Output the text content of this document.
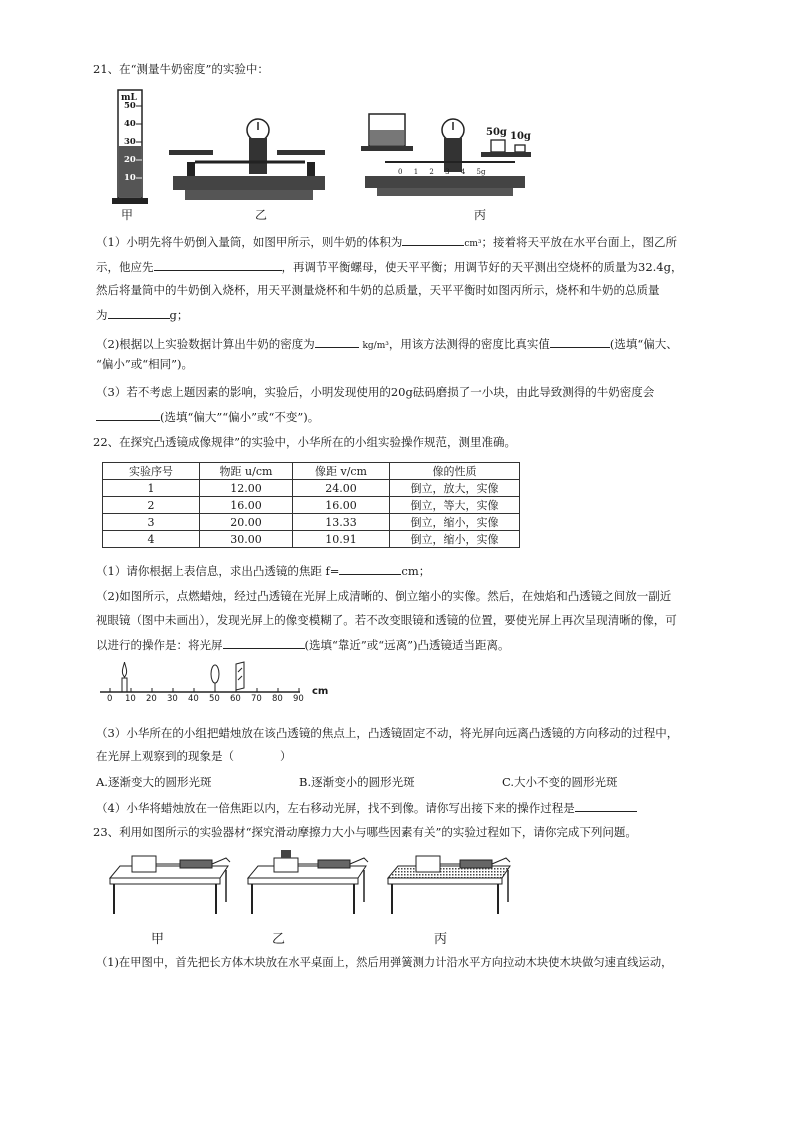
21、在“测量牛奶密度”的实验中：
mL
50
40
30
20
10
50g 10g
0 1 2 3 4 5g
甲	乙	丙
（1）小明先将牛奶倒入量筒，如图甲所示，则牛奶的体积为	cm³；接着将天平放在水平台面上，图乙所
示，他应先	，再调节平衡螺母，使天平平衡；用调节好的天平测出空烧杯的质量为32.4g，
然后将量筒中的牛奶倒入烧杯，用天平测量烧杯和牛奶的总质量，天平平衡时如图丙所示，烧杯和牛奶的总质量
为	g；
（2)根据以上实验数据计算出牛奶的密度为	kg/m³，用该方法测得的密度比真实值	(选填“偏大、
“偏小”或“相同”)。
（3）若不考虑上题因素的影响，实验后，小明发现使用的20g砝码磨损了一小块，由此导致测得的牛奶密度会
(选填“偏大”“偏小”或“不变”)。
22、在探究凸透镜成像规律”的实验中，小华所在的小组实验操作规范，测里准确。
实验序号	物距 u/cm	像距 v/cm	像的性质
1	12.00	24.00	倒立，放大，实像
2	16.00	16.00	倒立，等大，实像
3	20.00	13.33	倒立，缩小，实像
4	30.00	10.91	倒立，缩小，实像
（1）请你根据上表信息，求出凸透镜的焦距 f=	cm；
（2)如图所示，点燃蜡烛，经过凸透镜在光屏上成清晰的、倒立缩小的实像。然后，在烛焰和凸透镜之间放一副近
视眼镜（图中未画出），发现光屏上的像变模糊了。若不改变眼镜和透镜的位置，要使光屏上再次呈现清晰的像，可
以进行的操作是：将光屏	(选填“靠近”或“远离”)凸透镜适当距离。
0 10 20 30 40 50 60 70 80 90
cm
（3）小华所在的小组把蜡烛放在该凸透镜的焦点上，凸透镜固定不动，将光屏向远离凸透镜的方向移动的过程中，
在光屏上观察到的现象是（　　　　）
A.逐渐变大的圆形光斑	B.逐渐变小的圆形光斑	C.大小不变的圆形光斑
（4）小华将蜡烛放在一倍焦距以内，左右移动光屏，找不到像。请你写出接下来的操作过程是
23、利用如图所示的实验器材“探究滑动摩擦力大小与哪些因素有关”的实验过程如下，请你完成下列问题。
甲	乙	丙
（1)在甲图中，首先把长方体木块放在水平桌面上，然后用弹簧测力计沿水平方向拉动木块使木块做匀速直线运动，
